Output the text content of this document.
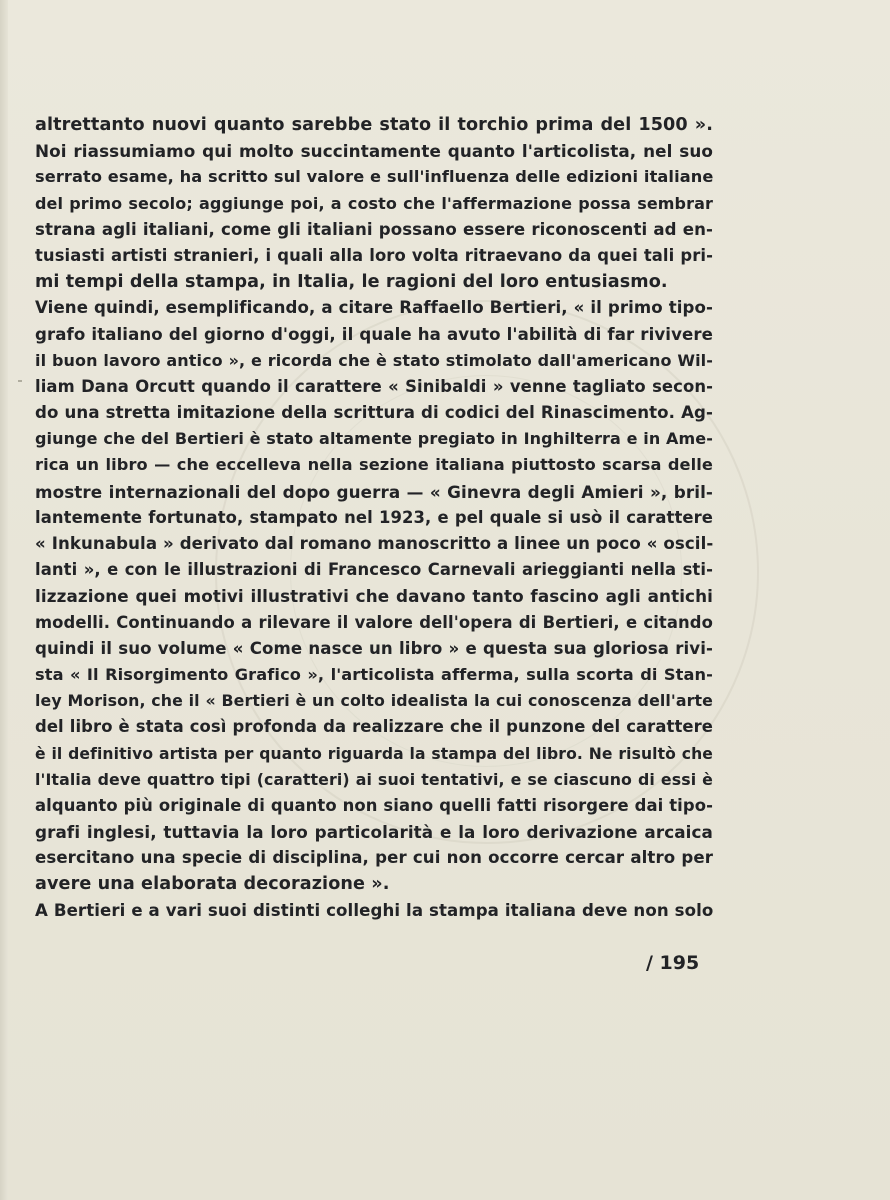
altrettanto nuovi quanto sarebbe stato il torchio prima del 1500 ».
Noi riassumiamo qui molto succintamente quanto l'articolista, nel suo
serrato esame, ha scritto sul valore e sull'influenza delle edizioni italiane
del primo secolo; aggiunge poi, a costo che l'affermazione possa sembrar
strana agli italiani, come gli italiani possano essere riconoscenti ad en-
tusiasti artisti stranieri, i quali alla loro volta ritraevano da quei tali pri-
mi tempi della stampa, in Italia, le ragioni del loro entusiasmo.
Viene quindi, esemplificando, a citare Raffaello Bertieri, « il primo tipo-
grafo italiano del giorno d'oggi, il quale ha avuto l'abilità di far rivivere
il buon lavoro antico », e ricorda che è stato stimolato dall'americano Wil-
liam Dana Orcutt quando il carattere « Sinibaldi » venne tagliato secon-
do una stretta imitazione della scrittura di codici del Rinascimento. Ag-
giunge che del Bertieri è stato altamente pregiato in Inghilterra e in Ame-
rica un libro — che eccelleva nella sezione italiana piuttosto scarsa delle
mostre internazionali del dopo guerra — « Ginevra degli Amieri », bril-
lantemente fortunato, stampato nel 1923, e pel quale si usò il carattere
« Inkunabula » derivato dal romano manoscritto a linee un poco « oscil-
lanti », e con le illustrazioni di Francesco Carnevali arieggianti nella sti-
lizzazione quei motivi illustrativi che davano tanto fascino agli antichi
modelli. Continuando a rilevare il valore dell'opera di Bertieri, e citando
quindi il suo volume « Come nasce un libro » e questa sua gloriosa rivi-
sta « Il Risorgimento Grafico », l'articolista afferma, sulla scorta di Stan-
ley Morison, che il « Bertieri è un colto idealista la cui conoscenza dell'arte
del libro è stata così profonda da realizzare che il punzone del carattere
è il definitivo artista per quanto riguarda la stampa del libro. Ne risultò che
l'Italia deve quattro tipi (caratteri) ai suoi tentativi, e se ciascuno di essi è
alquanto più originale di quanto non siano quelli fatti risorgere dai tipo-
grafi inglesi, tuttavia la loro particolarità e la loro derivazione arcaica
esercitano una specie di disciplina, per cui non occorre cercar altro per
avere una elaborata decorazione ».
A Bertieri e a vari suoi distinti colleghi la stampa italiana deve non solo
/ 195
